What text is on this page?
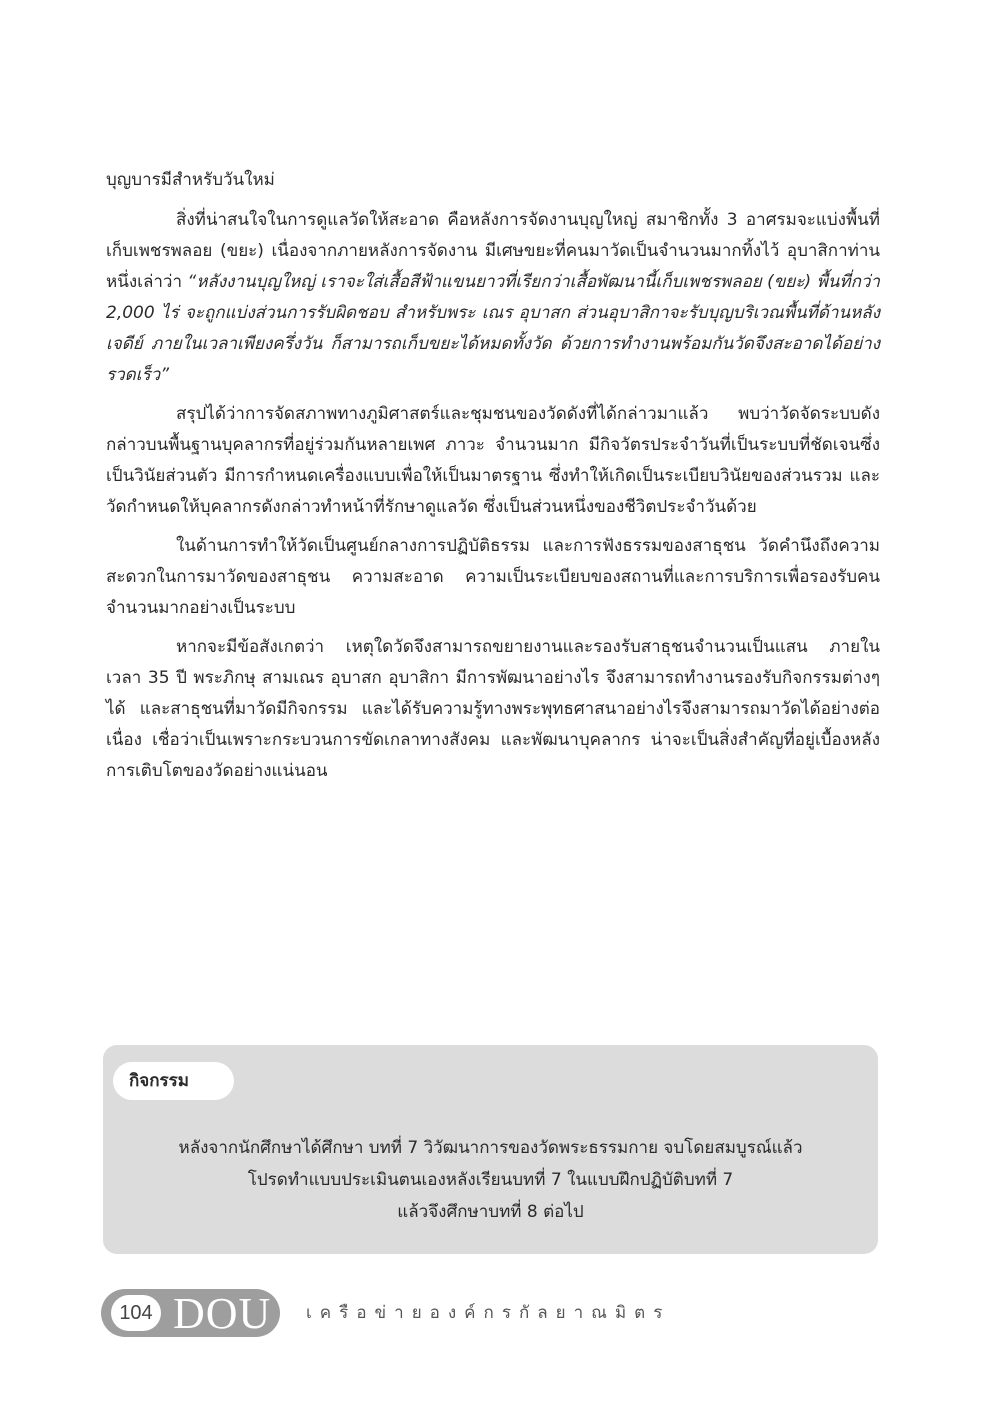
บุญบารมีสำหรับวันใหม่

สิ่งที่น่าสนใจในการดูแลวัดให้สะอาด คือหลังการจัดงานบุญใหญ่ สมาชิกทั้ง 3 อาศรมจะแบ่งพื้นที่เก็บเพชรพลอย (ขยะ) เนื่องจากภายหลังการจัดงาน มีเศษขยะที่คนมาวัดเป็นจำนวนมากทิ้งไว้ อุบาสิกาท่านหนึ่งเล่าว่า “หลังงานบุญใหญ่ เราจะใส่เสื้อสีฟ้าแขนยาวที่เรียกว่าเสื้อพัฒนานี้เก็บเพชรพลอย (ขยะ) พื้นที่กว่า 2,000 ไร่ จะถูกแบ่งส่วนการรับผิดชอบ สำหรับพระ เณร อุบาสก ส่วนอุบาสิกาจะรับบุญบริเวณพื้นที่ด้านหลังเจดีย์ ภายในเวลาเพียงครึ่งวัน ก็สามารถเก็บขยะได้หมดทั้งวัด ด้วยการทำงานพร้อมกันวัดจึงสะอาดได้อย่างรวดเร็ว”

สรุปได้ว่าการจัดสภาพทางภูมิศาสตร์และชุมชนของวัดดังที่ได้กล่าวมาแล้ว พบว่าวัดจัดระบบดังกล่าวบนพื้นฐานบุคลากรที่อยู่ร่วมกันหลายเพศ ภาวะ จำนวนมาก มีกิจวัตรประจำวันที่เป็นระบบที่ชัดเจนซึ่งเป็นวินัยส่วนตัว มีการกำหนดเครื่องแบบเพื่อให้เป็นมาตรฐาน ซึ่งทำให้เกิดเป็นระเบียบวินัยของส่วนรวม และวัดกำหนดให้บุคลากรดังกล่าวทำหน้าที่รักษาดูแลวัด ซึ่งเป็นส่วนหนึ่งของชีวิตประจำวันด้วย

ในด้านการทำให้วัดเป็นศูนย์กลางการปฏิบัติธรรม และการฟังธรรมของสาธุชน วัดคำนึงถึงความสะดวกในการมาวัดของสาธุชน ความสะอาด ความเป็นระเบียบของสถานที่และการบริการเพื่อรองรับคนจำนวนมากอย่างเป็นระบบ

หากจะมีข้อสังเกตว่า เหตุใดวัดจึงสามารถขยายงานและรองรับสาธุชนจำนวนเป็นแสน ภายในเวลา 35 ปี พระภิกษุ สามเณร อุบาสก อุบาสิกา มีการพัฒนาอย่างไร จึงสามารถทำงานรองรับกิจกรรมต่างๆ ได้ และสาธุชนที่มาวัดมีกิจกรรม และได้รับความรู้ทางพระพุทธศาสนาอย่างไรจึงสามารถมาวัดได้อย่างต่อเนื่อง เชื่อว่าเป็นเพราะกระบวนการขัดเกลาทางสังคม และพัฒนาบุคลากร น่าจะเป็นสิ่งสำคัญที่อยู่เบื้องหลังการเติบโตของวัดอย่างแน่นอน

กิจกรรม
หลังจากนักศึกษาได้ศึกษา บทที่ 7 วิวัฒนาการของวัดพระธรรมกาย จบโดยสมบูรณ์แล้ว
โปรดทำแบบประเมินตนเองหลังเรียนบทที่ 7 ในแบบฝึกปฏิบัติบทที่ 7
แล้วจึงศึกษาบทที่ 8 ต่อไป
104 DOU เครือข่ายองค์กรกัลยาณมิตร
